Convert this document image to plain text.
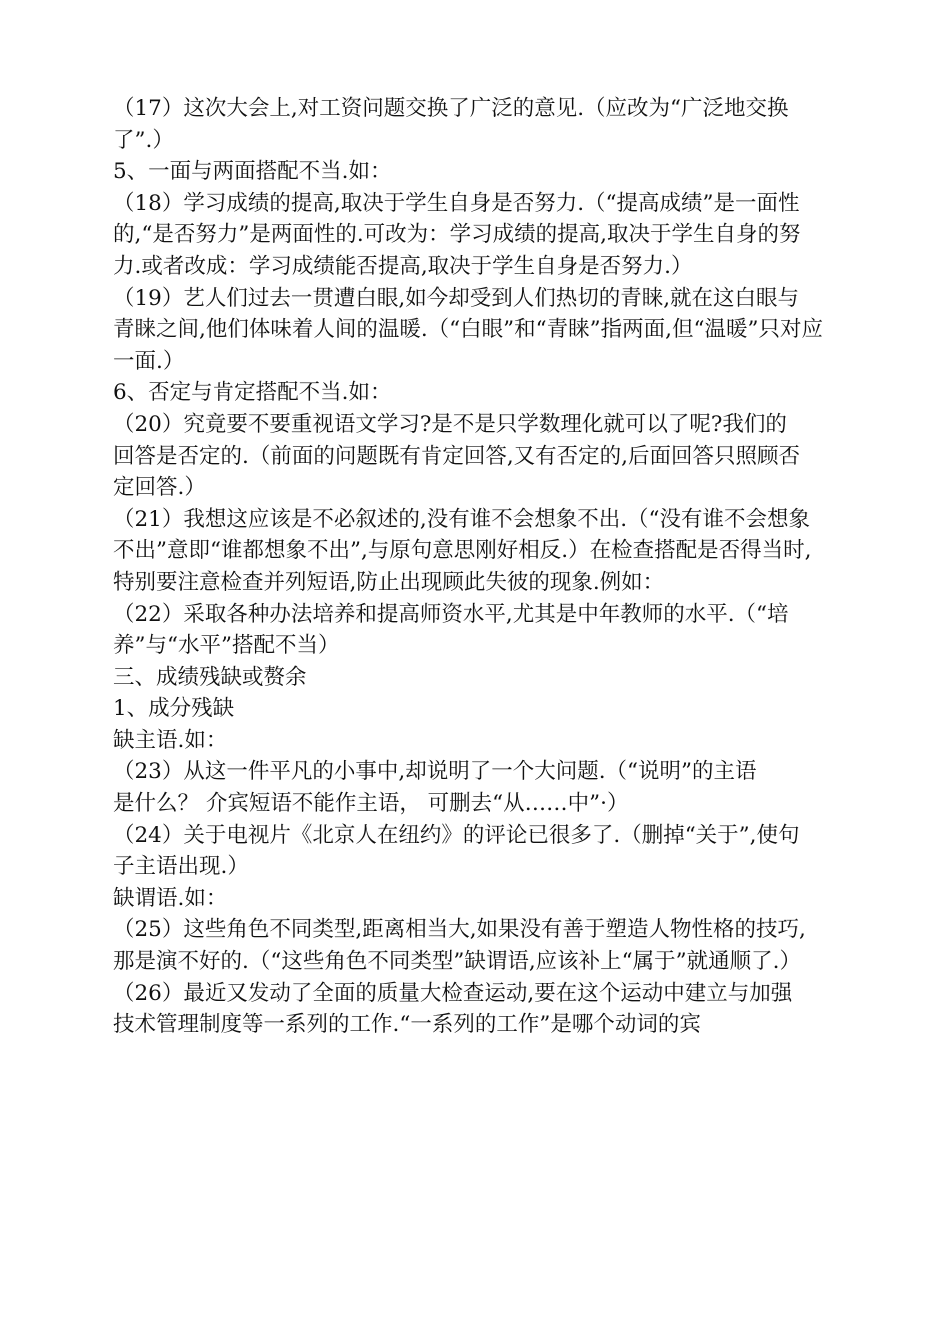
（17）这次大会上,对工资问题交换了广泛的意见.（应改为“广泛地交换
了”.）
5、一面与两面搭配不当.如：
（18）学习成绩的提高,取决于学生自身是否努力.（“提高成绩”是一面性
的,“是否努力”是两面性的.可改为：学习成绩的提高,取决于学生自身的努
力.或者改成：学习成绩能否提高,取决于学生自身是否努力.）
（19）艺人们过去一贯遭白眼,如今却受到人们热切的青睐,就在这白眼与
青睐之间,他们体味着人间的温暖.（“白眼”和“青睐”指两面,但“温暖”只对应
一面.）
6、否定与肯定搭配不当.如：
（20）究竟要不要重视语文学习?是不是只学数理化就可以了呢?我们的
回答是否定的.（前面的问题既有肯定回答,又有否定的,后面回答只照顾否
定回答.）
（21）我想这应该是不必叙述的,没有谁不会想象不出.（“没有谁不会想象
不出”意即“谁都想象不出”,与原句意思刚好相反.）在检查搭配是否得当时,
特别要注意检查并列短语,防止出现顾此失彼的现象.例如：
（22）采取各种办法培养和提高师资水平,尤其是中年教师的水平.（“培
养”与“水平”搭配不当）
三、成绩残缺或赘余
1、成分残缺
缺主语.如：
（23）从这一件平凡的小事中,却说明了一个大问题.（“说明”的主语
是什么？ 介宾短语不能作主语， 可删去“从……中”·）
（24）关于电视片《北京人在纽约》的评论已很多了.（删掉“关于”,使句
子主语出现.）
缺谓语.如：
（25）这些角色不同类型,距离相当大,如果没有善于塑造人物性格的技巧,
那是演不好的.（“这些角色不同类型”缺谓语,应该补上“属于”就通顺了.）
（26）最近又发动了全面的质量大检查运动,要在这个运动中建立与加强
技术管理制度等一系列的工作.“一系列的工作”是哪个动词的宾
